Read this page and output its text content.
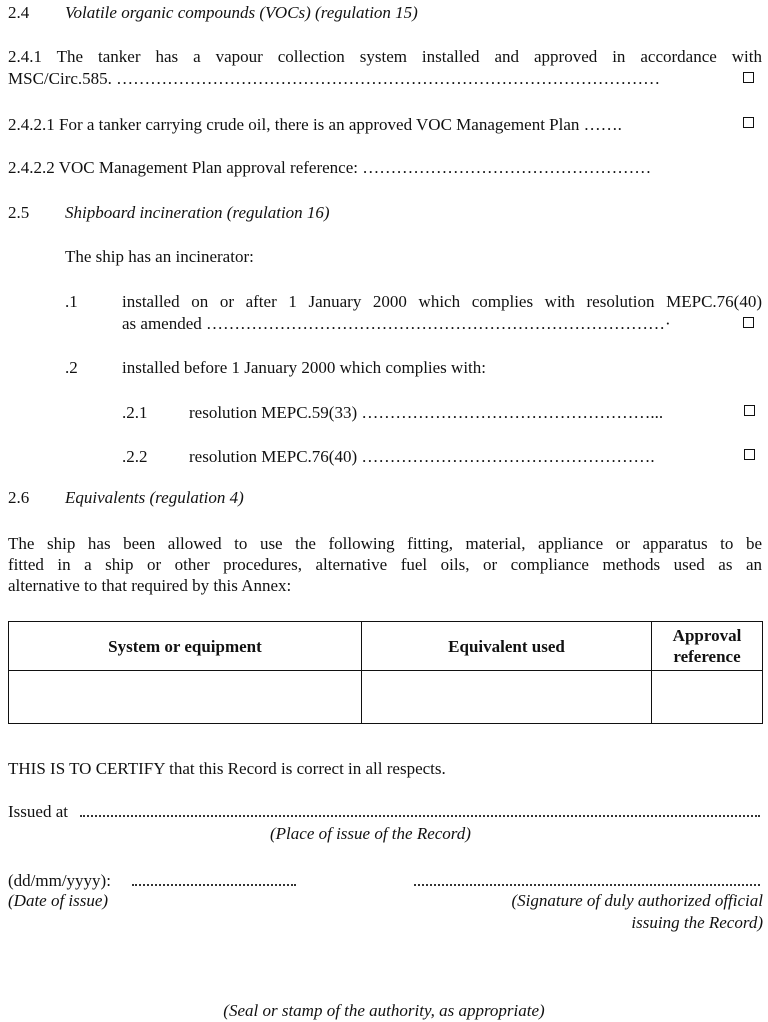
2.4 Volatile organic compounds (VOCs) (regulation 15)
2.4.1 The tanker has a vapour collection system installed and approved in accordance with
MSC/Circ.585. ……………………………………………………………………………………
2.4.2.1 For a tanker carrying crude oil, there is an approved VOC Management Plan …….
2.4.2.2 VOC Management Plan approval reference: ……………………………………………
2.5 Shipboard incineration (regulation 16)
The ship has an incinerator:
.1	installed on or after 1 January 2000 which complies with resolution MEPC.76(40)
as amended ………………………………………………………………………·
.2	installed before 1 January 2000 which complies with:
.2.1 resolution MEPC.59(33) ……………………………………………...
.2.2 resolution MEPC.76(40) …………………………………………….
2.6 Equivalents (regulation 4)
The ship has been allowed to use the following fitting, material, appliance or apparatus to be
fitted in a ship or other procedures, alternative fuel oils, or compliance methods used as an
alternative to that required by this Annex:
System or equipment	Equivalent used	Approval reference

THIS IS TO CERTIFY that this Record is correct in all respects.
Issued at
(Place of issue of the Record)
(dd/mm/yyyy):
(Date of issue)	(Signature of duly authorized official
issuing the Record)
(Seal or stamp of the authority, as appropriate)
